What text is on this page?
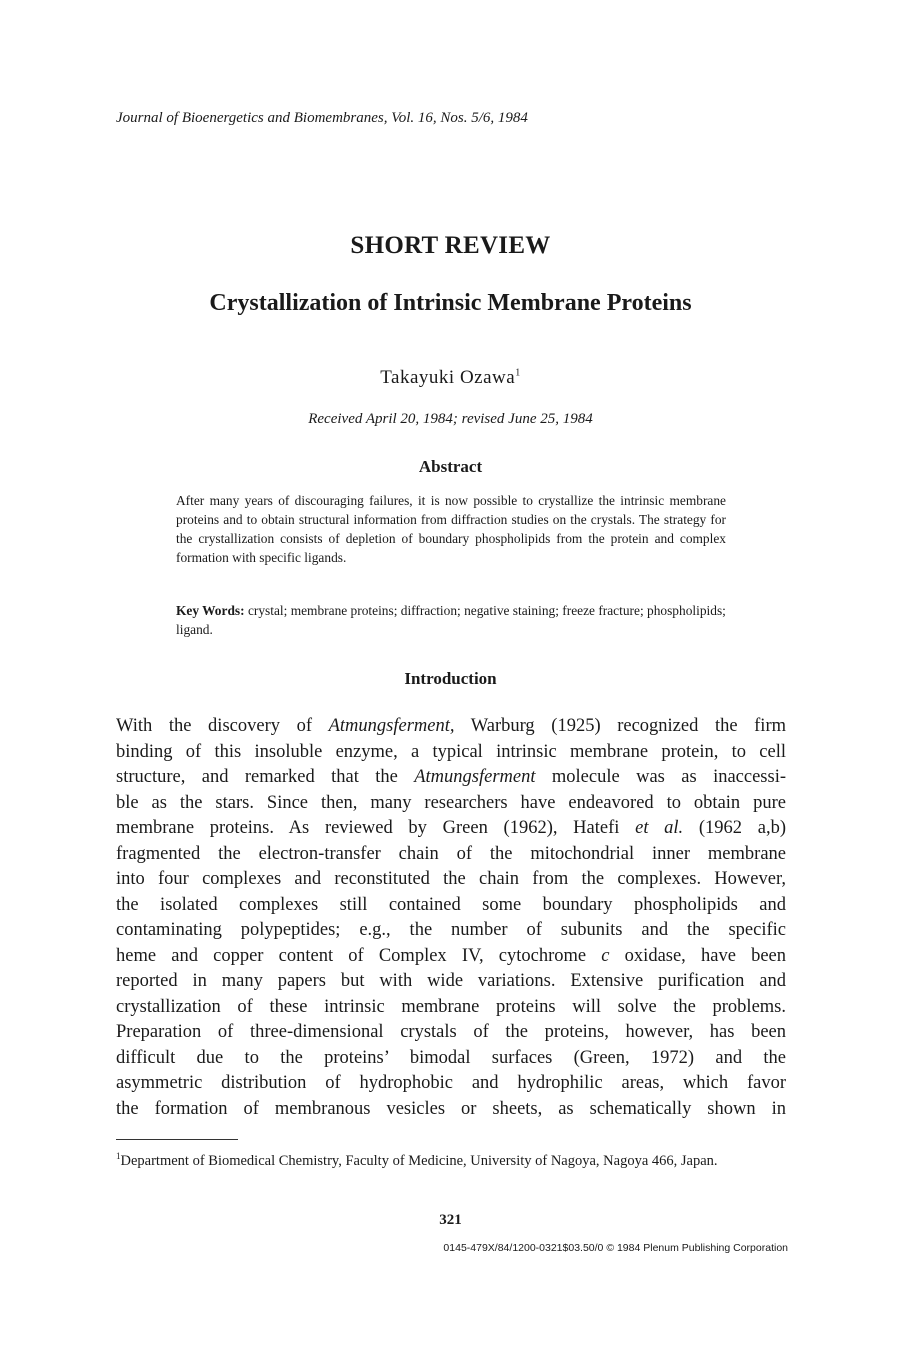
Journal of Bioenergetics and Biomembranes, Vol. 16, Nos. 5/6, 1984
SHORT REVIEW
Crystallization of Intrinsic Membrane Proteins
Takayuki Ozawa$^1$
Received April 20, 1984; revised June 25, 1984
Abstract
After many years of discouraging failures, it is now possible to crystallize the intrinsic membrane proteins and to obtain structural information from diffraction studies on the crystals. The strategy for the crystallization consists of depletion of boundary phospholipids from the protein and complex formation with specific ligands.
Key Words: crystal; membrane proteins; diffraction; negative staining; freeze fracture; phospholipids; ligand.
Introduction
With the discovery of Atmungsferment, Warburg (1925) recognized the firm
binding of this insoluble enzyme, a typical intrinsic membrane protein, to cell
structure, and remarked that the Atmungsferment molecule was as inaccessi-
ble as the stars. Since then, many researchers have endeavored to obtain pure
membrane proteins. As reviewed by Green (1962), Hatefi et al. (1962 a,b)
fragmented the electron-transfer chain of the mitochondrial inner membrane
into four complexes and reconstituted the chain from the complexes. However,
the isolated complexes still contained some boundary phospholipids and
contaminating polypeptides; e.g., the number of subunits and the specific
heme and copper content of Complex IV, cytochrome c oxidase, have been
reported in many papers but with wide variations. Extensive purification and
crystallization of these intrinsic membrane proteins will solve the problems.
Preparation of three-dimensional crystals of the proteins, however, has been
difficult due to the proteins’ bimodal surfaces (Green, 1972) and the
asymmetric distribution of hydrophobic and hydrophilic areas, which favor
the formation of membranous vesicles or sheets, as schematically shown in
$^1$Department of Biomedical Chemistry, Faculty of Medicine, University of Nagoya, Nagoya 466, Japan.
321
0145-479X/84/1200-0321$03.50/0 © 1984 Plenum Publishing Corporation
